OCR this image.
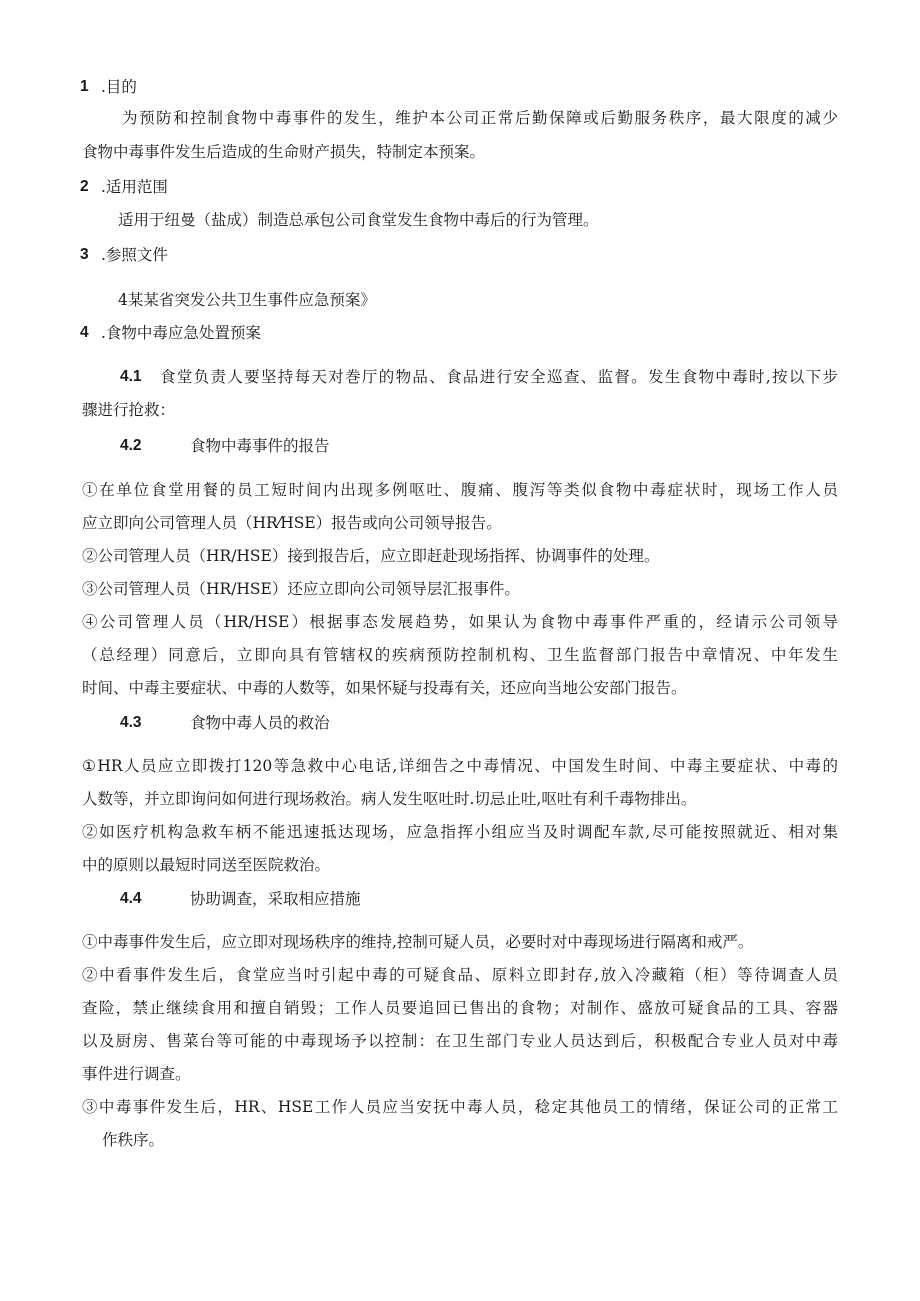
1 .目的
为预防和控制食物中毒事件的发生，维护本公司正常后勤保障或后勤服务秩序，最大限度的减少
食物中毒事件发生后造成的生命财产损失，特制定本预案。
2 .适用范围
适用于纽曼（盐成）制造总承包公司食堂发生食物中毒后的行为管理。
3 .参照文件
4某某省突发公共卫生事件应急预案》
4 .食物中毒应急处置预案
4.1 食堂负责人要坚持每天对巻厅的物品、食品进行安全巡查、监督。发生食物中毒时,按以下步
骤进行抢救：
4.2	食物中毒事件的报告
①在单位食堂用餐的员工短时间内出现多例呕吐、腹痛、腹泻等类似食物中毒症状时，现场工作人员
应立即向公司管理人员（HR⁄HSE）报告或向公司领导报告。
②公司管理人员（HR/HSE）接到报告后，应立即赶赴现场指挥、协调事件的处理。
③公司管理人员（HR/HSE）还应立即向公司领导层汇报事件。
④公司管理人员（HR/HSE）根据事态发展趋势，如果认为食物中毒事件严重的，经请示公司领导
（总经理）同意后，立即向具有管辖权的疾病预防控制机构、卫生监督部门报告中章情况、中年发生
时间、中毒主要症状、中毒的人数等，如果怀疑与投毒有关，还应向当地公安部门报告。
4.3	食物中毒人员的救治
①HR人员应立即拨打120等急救中心电话,详细告之中毒情况、中国发生时间、中毒主要症状、中毒的
人数等，并立即询问如何进行现场救治。病人发生呕吐时.切忌止吐,呕吐有利千毒物排出。
②如医疗机构急救车柄不能迅速抵达现场，应急指挥小组应当及时调配车款,尽可能按照就近、相对集
中的原则以最短时同送至医院救治。
4.4	协助调查，采取相应措施
①中毒事件发生后，应立即对现场秩序的维持,控制可疑人员，必要时对中毒现场进行隔离和戒严。
②中看事件发生后，食堂应当吋引起中毒的可疑食品、原料立即封存,放入冷藏箱（柜）等待调查人员
查险，禁止继续食用和擅自销毁；工作人员要追回已售出的食物；对制作、盛放可疑食品的工具、容器
以及厨房、售菜台等可能的中毒现场予以控制：在卫生部门专业人员达到后，积极配合专业人员对中毒
事件进行调查。
③中毒事件发生后，HR、HSE工作人员应当安抚中毒人员，稔定其他员工的情绪，保证公司的正常工
作秩序。
